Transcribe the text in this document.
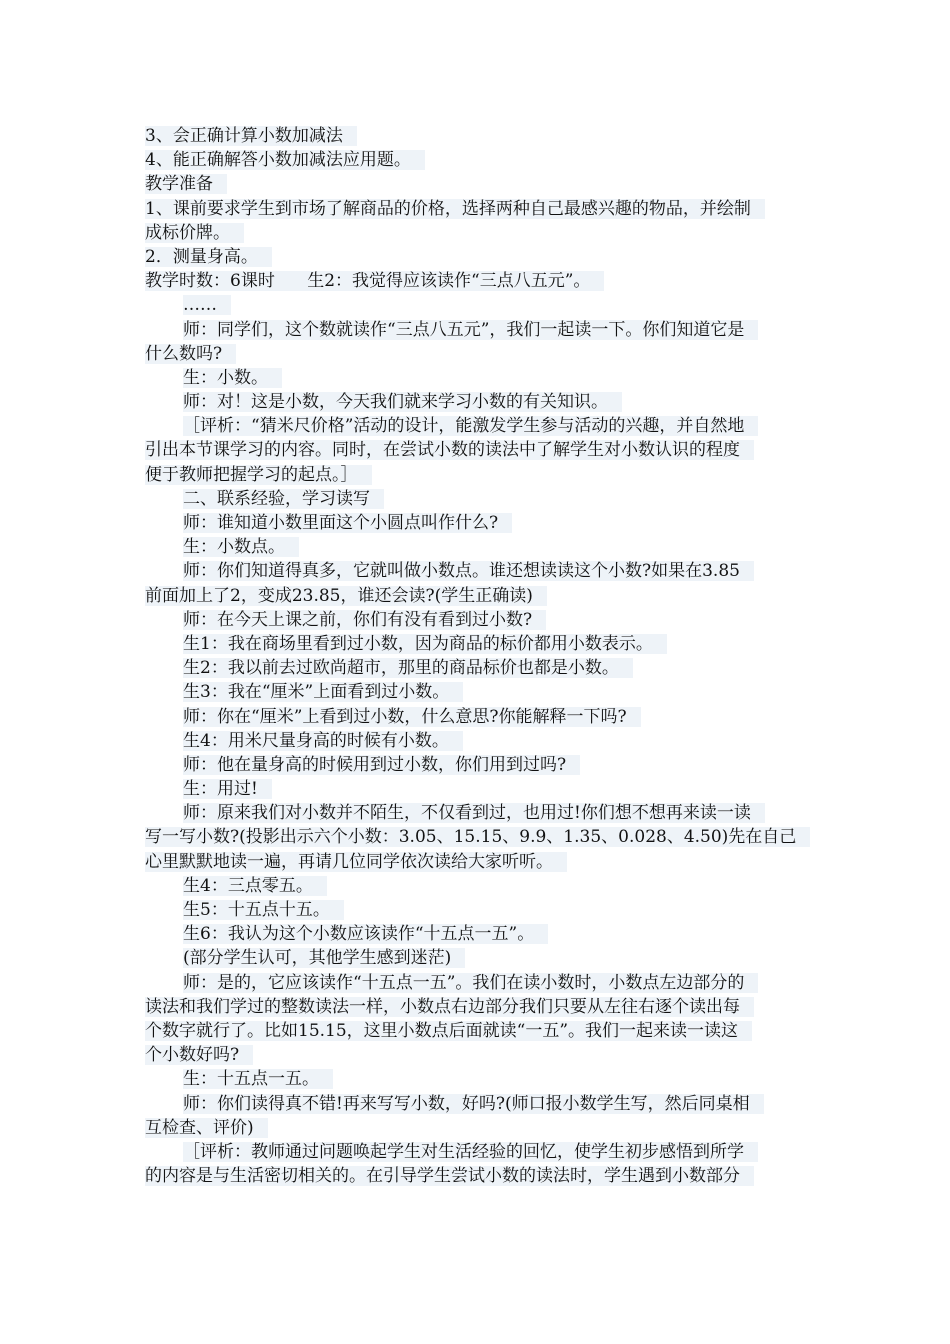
3、会正确计算小数加减法
4、能正确解答小数加减法应用题。
教学准备
1、课前要求学生到市场了解商品的价格，选择两种自己最感兴趣的物品，并绘制
成标价牌。
2．测量身高。
教学时数：6课时      生2：我觉得应该读作“三点八五元”。
……
师：同学们，这个数就读作“三点八五元”，我们一起读一下。你们知道它是
什么数吗?
生：小数。
师：对！这是小数，今天我们就来学习小数的有关知识。
［评析：“猜米尺价格”活动的设计，能激发学生参与活动的兴趣，并自然地
引出本节课学习的内容。同时，在尝试小数的读法中了解学生对小数认识的程度
便于教师把握学习的起点。］
二、联系经验，学习读写
师：谁知道小数里面这个小圆点叫作什么?
生：小数点。
师：你们知道得真多，它就叫做小数点。谁还想读读这个小数?如果在3.85
前面加上了2，变成23.85，谁还会读?(学生正确读)
师：在今天上课之前，你们有没有看到过小数?
生1：我在商场里看到过小数，因为商品的标价都用小数表示。
生2：我以前去过欧尚超市，那里的商品标价也都是小数。
生3：我在“厘米”上面看到过小数。
师：你在“厘米”上看到过小数，什么意思?你能解释一下吗?
生4：用米尺量身高的时候有小数。
师：他在量身高的时候用到过小数，你们用到过吗?
生：用过!
师：原来我们对小数并不陌生，不仅看到过，也用过!你们想不想再来读一读
写一写小数?(投影出示六个小数：3.05、15.15、9.9、1.35、0.028、4.50)先在自己
心里默默地读一遍，再请几位同学依次读给大家听听。
生4：三点零五。
生5：十五点十五。
生6：我认为这个小数应该读作“十五点一五”。
(部分学生认可，其他学生感到迷茫)
师：是的，它应该读作“十五点一五”。我们在读小数时，小数点左边部分的
读法和我们学过的整数读法一样，小数点右边部分我们只要从左往右逐个读出每
个数字就行了。比如15.15，这里小数点后面就读“一五”。我们一起来读一读这
个小数好吗?
生：十五点一五。
师：你们读得真不错!再来写写小数，好吗?(师口报小数学生写，然后同桌相
互检查、评价)
［评析：教师通过问题唤起学生对生活经验的回忆，使学生初步感悟到所学
的内容是与生活密切相关的。在引导学生尝试小数的读法时，学生遇到小数部分
